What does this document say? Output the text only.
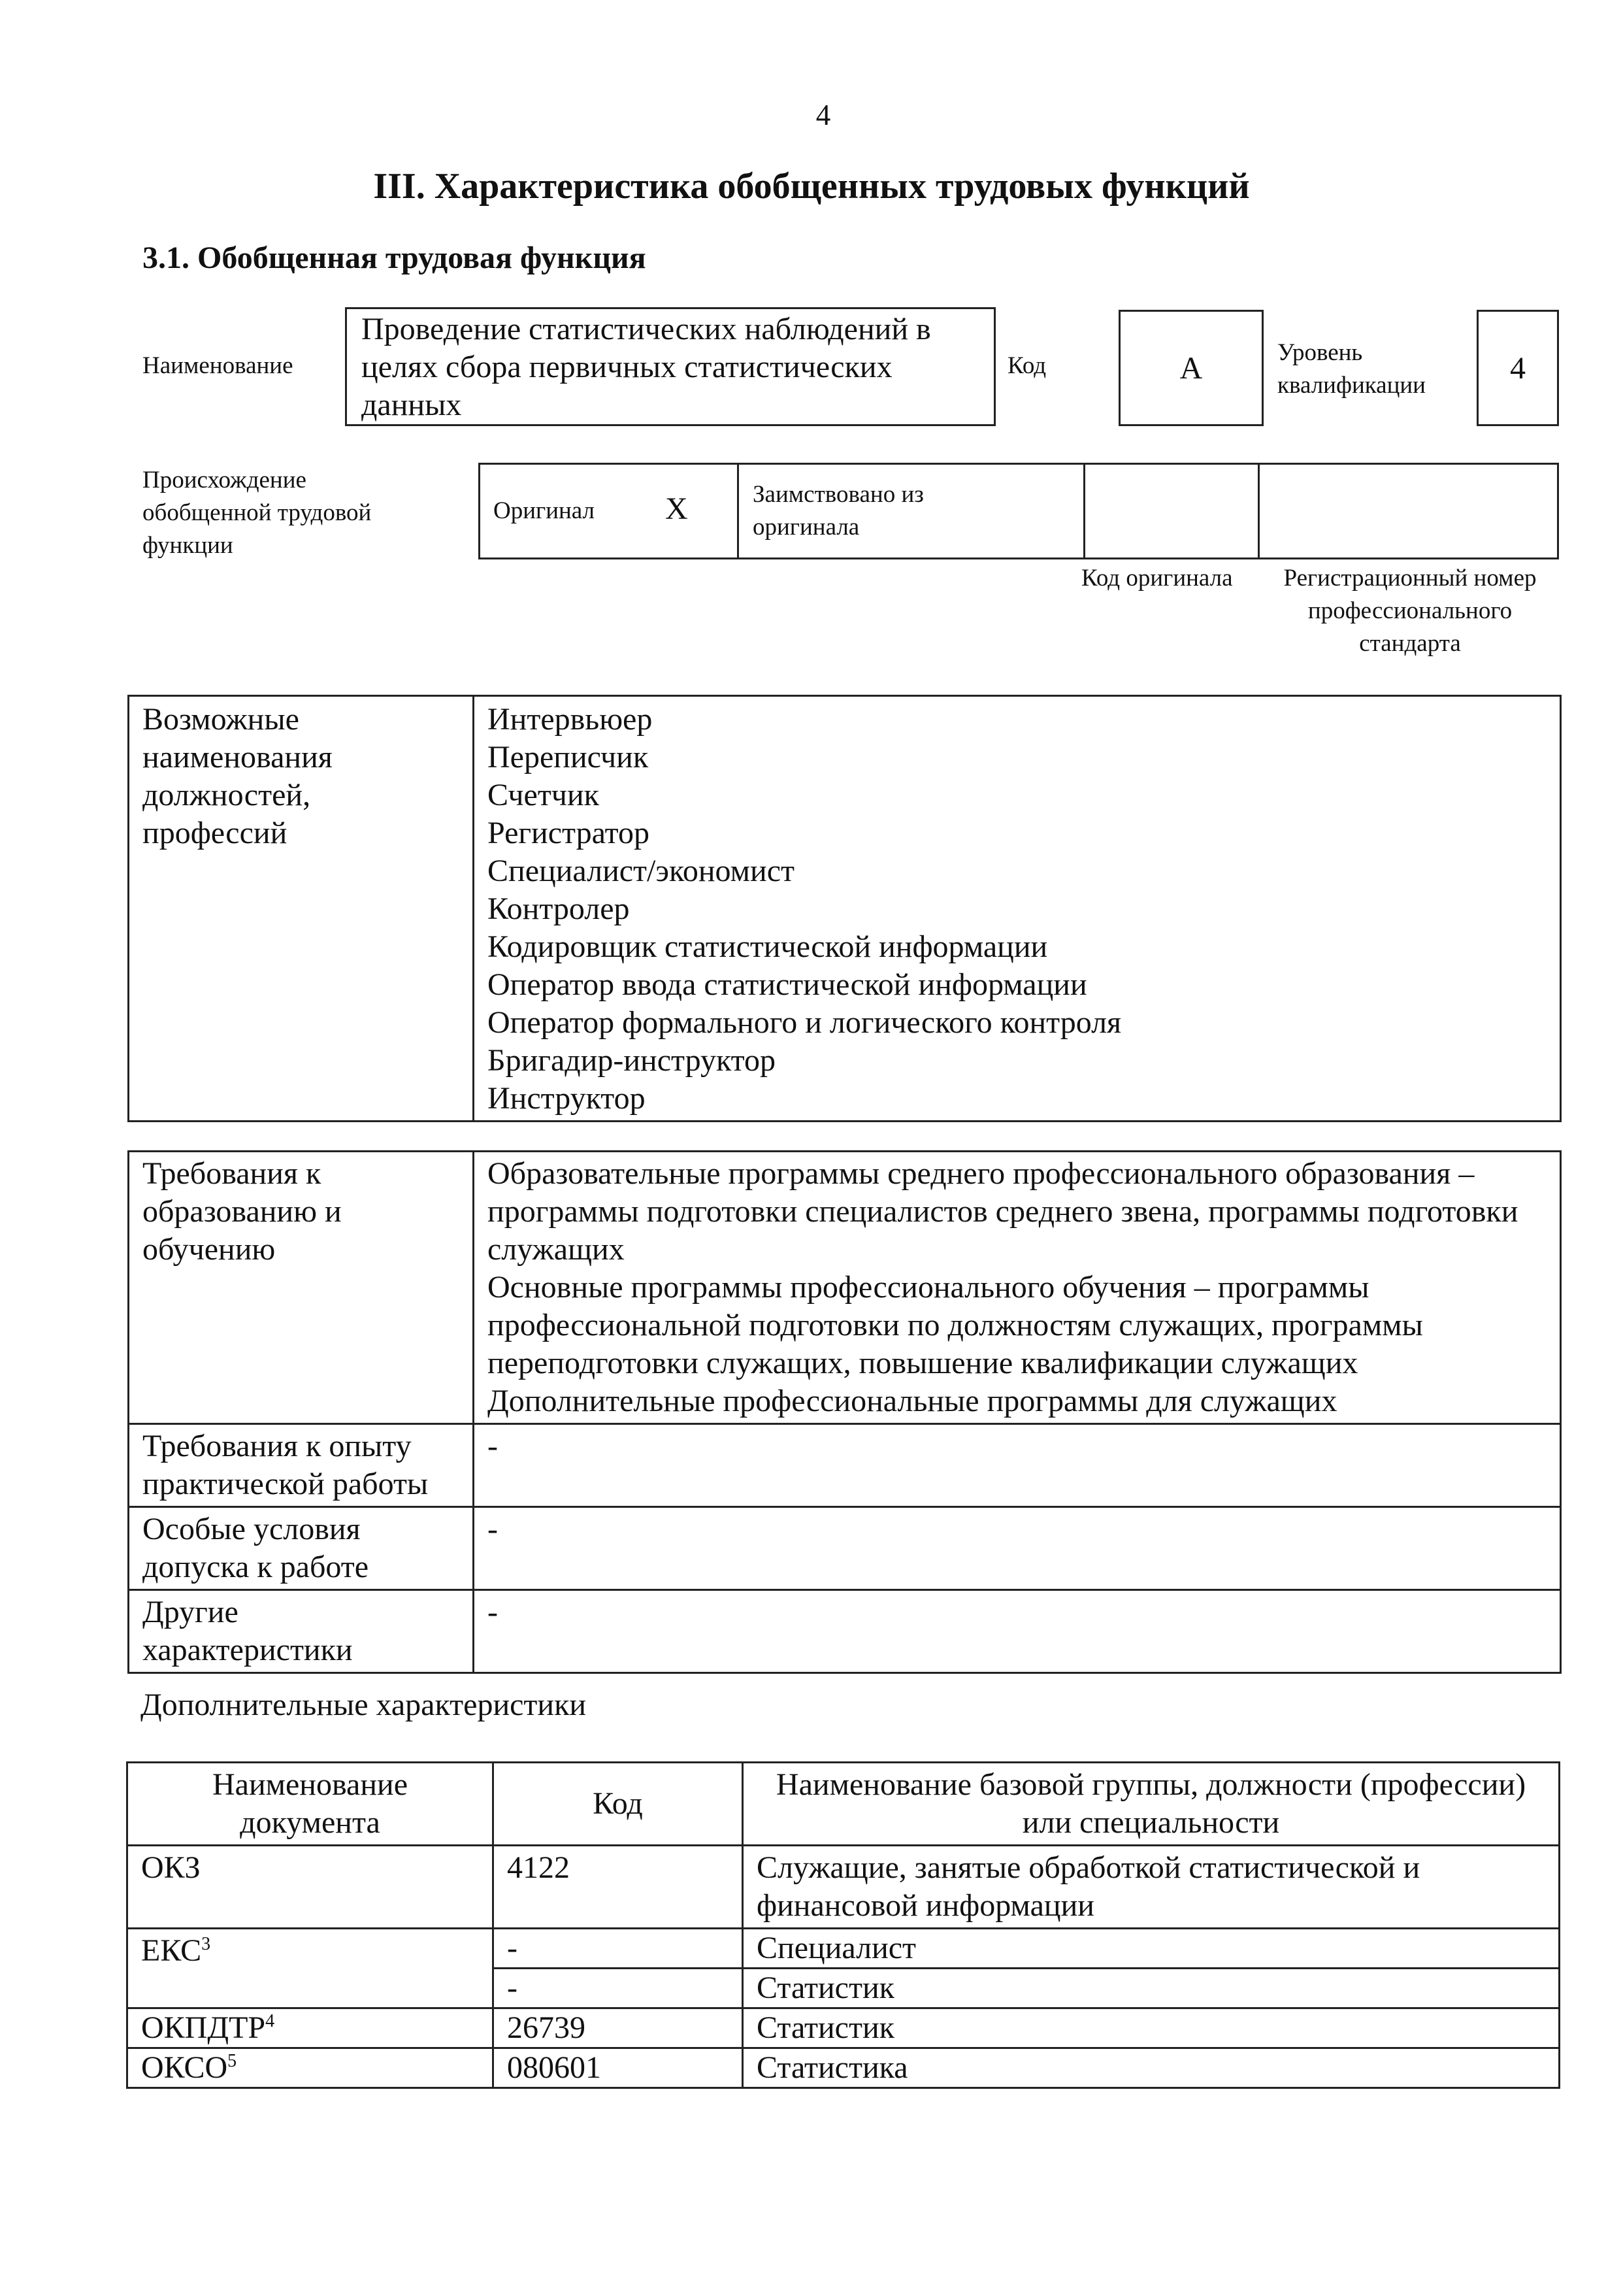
4
III. Характеристика обобщенных трудовых функций
3.1. Обобщенная трудовая функция
Наименование
Проведение статистических наблюдений в целях сбора первичных статистических данных
Код	А	Уровень квалификации	4
Происхождение обобщенной трудовой функции
Оригинал Х	Заимствовано из оригинала
Код оригинала	Регистрационный номер профессионального стандарта
Возможные наименования должностей, профессий

Интервьюер
Переписчик
Счетчик
Регистратор
Специалист/экономист
Контролер
Кодировщик статистической информации
Оператор ввода статистической информации
Оператор формального и логического контроля
Бригадир-инструктор
Инструктор
Требования к образованию и обучению	Образовательные программы среднего профессионального образования – программы подготовки специалистов среднего звена, программы подготовки служащих
Основные программы профессионального обучения – программы профессиональной подготовки по должностям служащих, программы переподготовки служащих, повышение квалификации служащих
Дополнительные профессиональные программы для служащих

Требования к опыту практической работы	-

Особые условия допуска к работе	-

Другие характеристики	-
Дополнительные характеристики
Наименование документа	Код	Наименование базовой группы, должности (профессии) или специальности

ОКЗ	4122	Служащие, занятые обработкой статистической и финансовой информации
ЕКС$^3$	-	Специалист
	-	Статистик
ОКПДТР$^4$	26739	Статистик
ОКСО$^5$	080601	Статистика
